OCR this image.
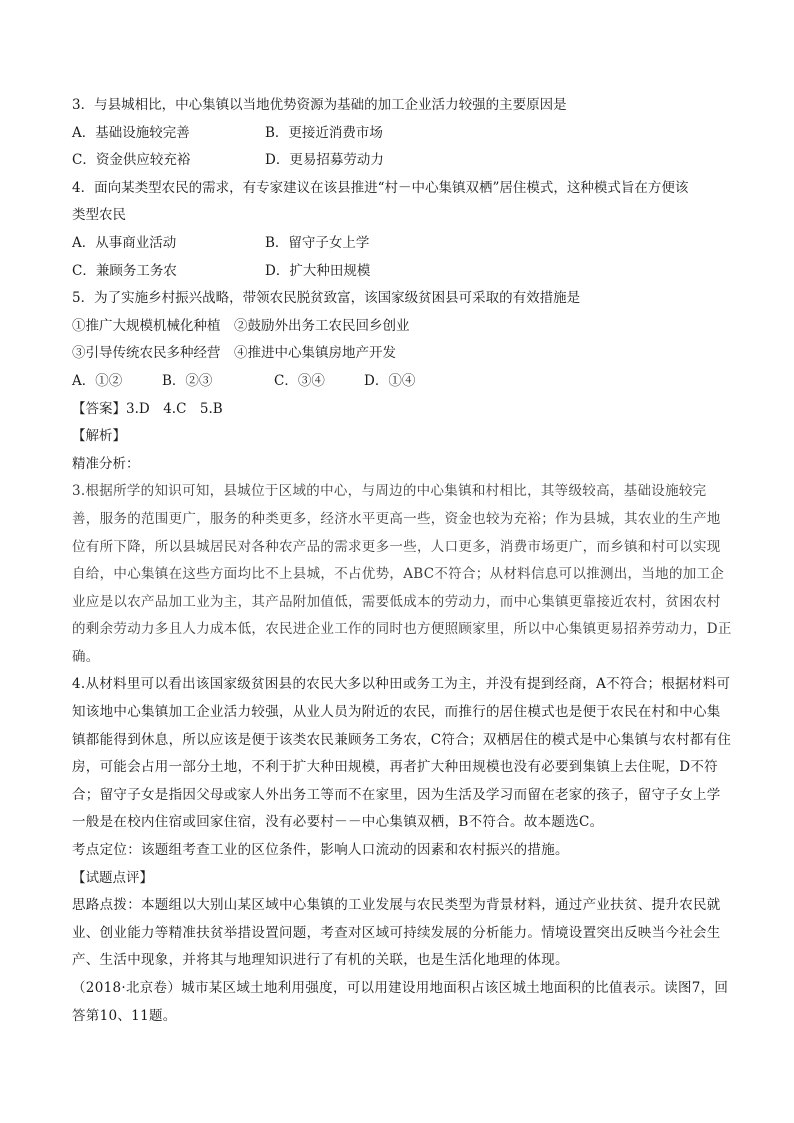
3．与县城相比，中心集镇以当地优势资源为基础的加工企业活力较强的主要原因是
A．基础设施较完善	B．更接近消费市场
C．资金供应较充裕	D．更易招募劳动力
4．面向某类型农民的需求，有专家建议在该县推进“村－中心集镇双栖”居住模式，这种模式旨在方便该
类型农民
A．从事商业活动	B．留守子女上学
C．兼顾务工务农	D．扩大种田规模
5．为了实施乡村振兴战略，带领农民脱贫致富，该国家级贫困县可采取的有效措施是
①推广大规模机械化种植　②鼓励外出务工农民回乡创业
③引导传统农民多种经营　④推进中心集镇房地产开发
A．①②	B．②③	C．③④	D．①④
【答案】3.D　4.C　5.B
【解析】
精准分析：
3.根据所学的知识可知，县城位于区域的中心，与周边的中心集镇和村相比，其等级较高，基础设施较完善，服务的范围更广，服务的种类更多，经济水平更高一些，资金也较为充裕；作为县城，其农业的生产地位有所下降，所以县城居民对各种农产品的需求更多一些，人口更多，消费市场更广，而乡镇和村可以实现自给，中心集镇在这些方面均比不上县城，不占优势，ABC不符合；从材料信息可以推测出，当地的加工企业应是以农产品加工业为主，其产品附加值低，需要低成本的劳动力，而中心集镇更靠接近农村，贫困农村的剩余劳动力多且人力成本低，农民进企业工作的同时也方便照顾家里，所以中心集镇更易招养劳动力，D正确。
4.从材料里可以看出该国家级贫困县的农民大多以种田或务工为主，并没有提到经商，A不符合；根据材料可知该地中心集镇加工企业活力较强，从业人员为附近的农民，而推行的居住模式也是便于农民在村和中心集镇都能得到休息，所以应该是便于该类农民兼顾务工务农，C符合；双栖居住的模式是中心集镇与农村都有住房，可能会占用一部分土地，不利于扩大种田规模，再者扩大种田规模也没有必要到集镇上去住呢，D不符合；留守子女是指因父母或家人外出务工等而不在家里，因为生活及学习而留在老家的孩子，留守子女上学一般是在校内住宿或回家住宿，没有必要村－－中心集镇双栖，B不符合。故本题选C。
考点定位：该题组考查工业的区位条件，影响人口流动的因素和农村振兴的措施。
【试题点评】
思路点拨：本题组以大别山某区域中心集镇的工业发展与农民类型为背景材料，通过产业扶贫、提升农民就业、创业能力等精准扶贫举措设置问题，考查对区域可持续发展的分析能力。情境设置突出反映当今社会生产、生活中现象，并将其与地理知识进行了有机的关联，也是生活化地理的体现。
（2018·北京卷）城市某区域土地利用强度，可以用建设用地面积占该区城土地面积的比值表示。读图7，回答第10、11题。
